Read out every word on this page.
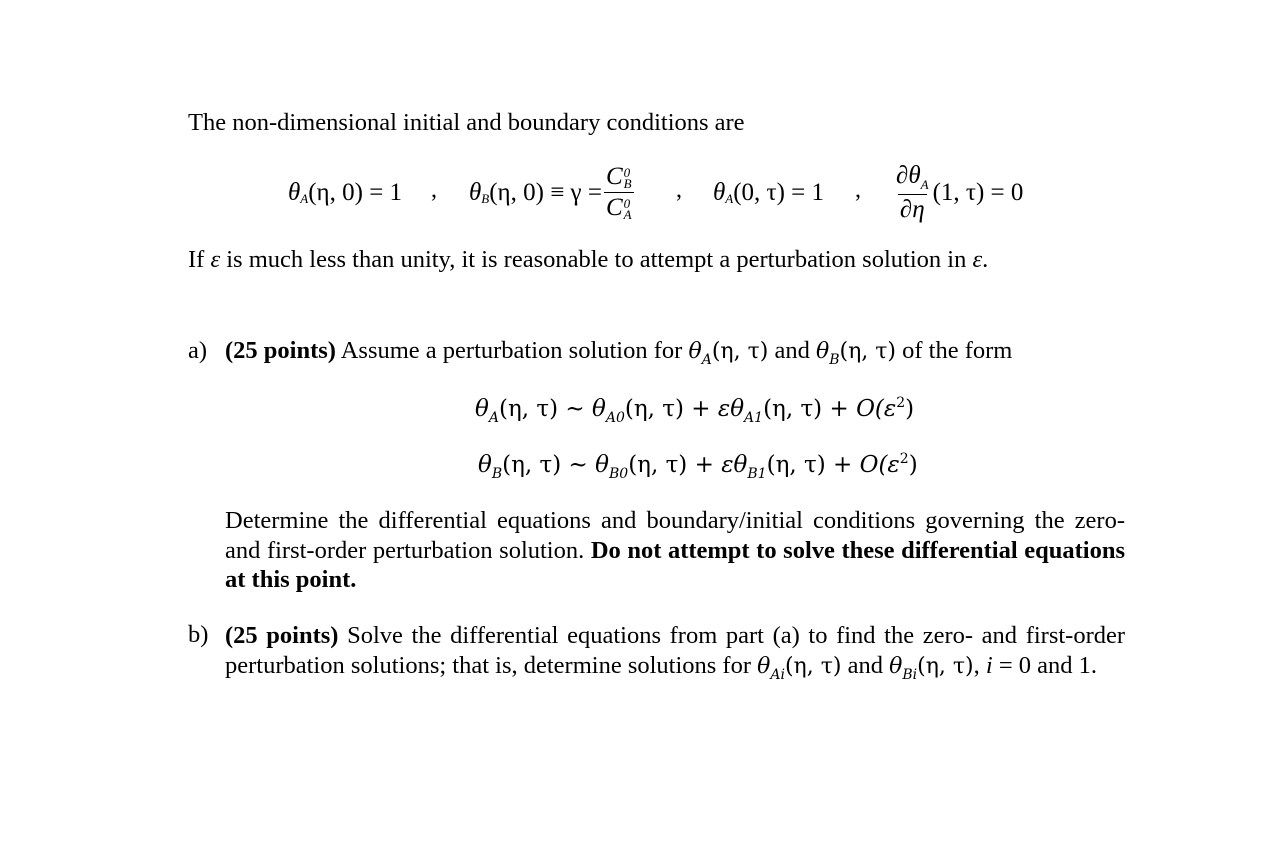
The non-dimensional initial and boundary conditions are
θ A (η, 0) = 1 , θ B (η, 0) ≡ γ = C 0
B
C 0
A , θ A (0, τ) = 1 , $\frac{\partial\theta_A}{\partial\eta} (1$, τ) = 0
If ε is much less than unity, it is reasonable to attempt a perturbation solution in ε.
a) (25 points) Assume a perturbation solution for $\theta_A(\eta$, τ) and $\theta_B(\eta$, τ) of the form
$\theta_A(\eta$, τ) ~ $\theta_{A0}(\eta$, $\tau) + \varepsilon\theta_{A1}(\eta$, $\tau) + O(\varepsilon^2)$
$\theta_B(\eta$, τ) ~ $\theta_{B0}(\eta$, $\tau) + \varepsilon\theta_{B1}(\eta$, $\tau) + O(\varepsilon^2)$
Determine the differential equations and boundary/initial conditions governing the zero- and first-order perturbation solution. Do not attempt to solve these differential equations at this point.
b) (25 points) Solve the differential equations from part (a) to find the zero- and first-order perturbation solutions; that is, determine solutions for $\theta_{Ai}(\eta$, τ) and $\theta_{Bi}(\eta$, τ), i = 0 and 1.
